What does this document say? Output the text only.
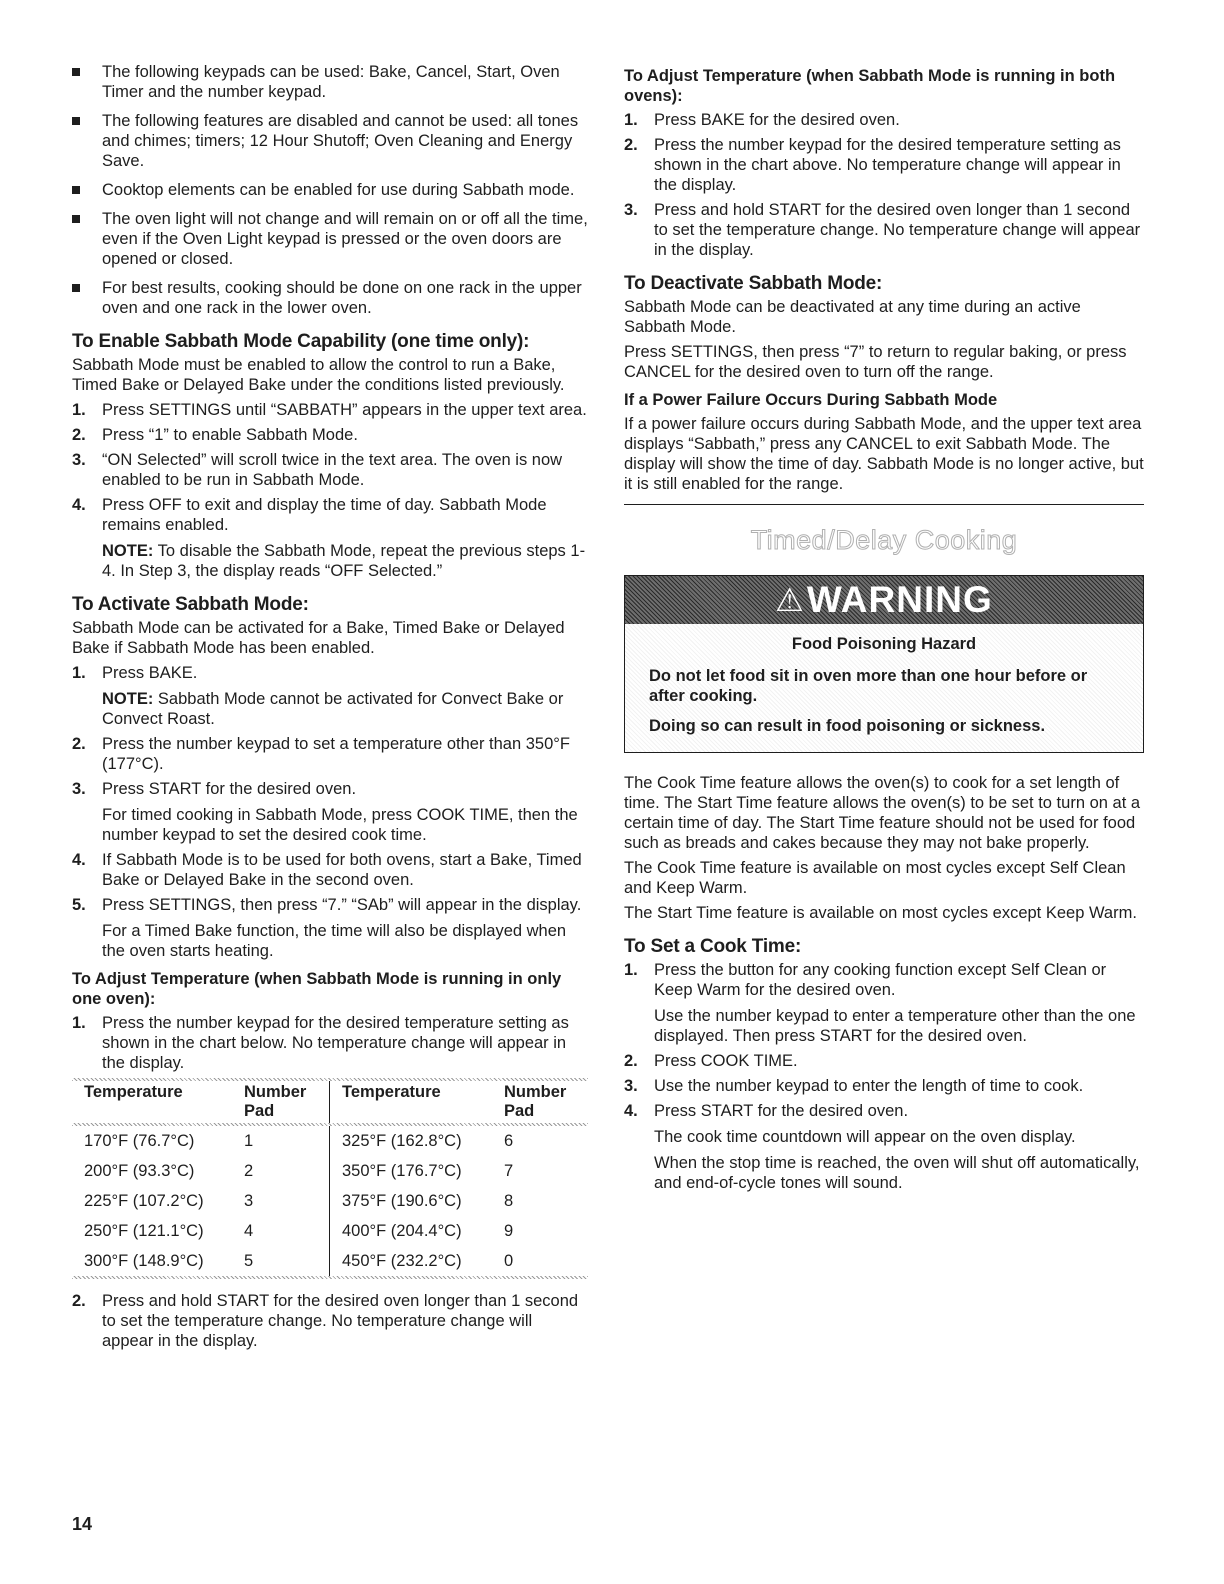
The following keypads can be used: Bake, Cancel, Start, Oven Timer and the number keypad.
The following features are disabled and cannot be used: all tones and chimes; timers; 12 Hour Shutoff; Oven Cleaning and Energy Save.
Cooktop elements can be enabled for use during Sabbath mode.
The oven light will not change and will remain on or off all the time, even if the Oven Light keypad is pressed or the oven doors are opened or closed.
For best results, cooking should be done on one rack in the upper oven and one rack in the lower oven.
To Enable Sabbath Mode Capability (one time only):

Sabbath Mode must be enabled to allow the control to run a Bake, Timed Bake or Delayed Bake under the conditions listed previously.

1. Press SETTINGS until “SABBATH” appears in the upper text area.

2. Press “1” to enable Sabbath Mode.

3. “ON Selected” will scroll twice in the text area. The oven is now enabled to be run in Sabbath Mode.

4. Press OFF to exit and display the time of day. Sabbath Mode remains enabled.

NOTE: To disable the Sabbath Mode, repeat the previous steps 1-4. In Step 3, the display reads “OFF Selected.”

To Activate Sabbath Mode:

Sabbath Mode can be activated for a Bake, Timed Bake or Delayed Bake if Sabbath Mode has been enabled.

1. Press BAKE.

NOTE: Sabbath Mode cannot be activated for Convect Bake or Convect Roast.

2. Press the number keypad to set a temperature other than 350°F (177°C).

3. Press START for the desired oven.

For timed cooking in Sabbath Mode, press COOK TIME, then the number keypad to set the desired cook time.

4. If Sabbath Mode is to be used for both ovens, start a Bake, Timed Bake or Delayed Bake in the second oven.

5. Press SETTINGS, then press “7.” “SAb” will appear in the display.

For a Timed Bake function, the time will also be displayed when the oven starts heating.

To Adjust Temperature (when Sabbath Mode is running in only one oven):
1. Press the number keypad for the desired temperature setting as shown in the chart below. No temperature change will appear in the display.

Temperature	Number Pad	Temperature	Number Pad

170°F (76.7°C)	1	325°F (162.8°C)	6
200°F (93.3°C)	2	350°F (176.7°C)	7
225°F (107.2°C)	3	375°F (190.6°C)	8
250°F (121.1°C)	4	400°F (204.4°C)	9
300°F (148.9°C)	5	450°F (232.2°C)	0
2. Press and hold START for the desired oven longer than 1 second to set the temperature change. No temperature change will appear in the display.

To Adjust Temperature (when Sabbath Mode is running in both ovens):
1. Press BAKE for the desired oven.

2. Press the number keypad for the desired temperature setting as shown in the chart above. No temperature change will appear in the display.

3. Press and hold START for the desired oven longer than 1 second to set the temperature change. No temperature change will appear in the display.

To Deactivate Sabbath Mode:

Sabbath Mode can be deactivated at any time during an active Sabbath Mode.

Press SETTINGS, then press “7” to return to regular baking, or press CANCEL for the desired oven to turn off the range.

If a Power Failure Occurs During Sabbath Mode

If a power failure occurs during Sabbath Mode, and the upper text area displays “Sabbath,” press any CANCEL to exit Sabbath Mode. The display will show the time of day. Sabbath Mode is no longer active, but it is still enabled for the range.

Timed/Delay Cooking
⚠ WARNING
Food Poisoning Hazard

Do not let food sit in oven more than one hour before or after cooking.

Doing so can result in food poisoning or sickness.

The Cook Time feature allows the oven(s) to cook for a set length of time. The Start Time feature allows the oven(s) to be set to turn on at a certain time of day. The Start Time feature should not be used for food such as breads and cakes because they may not bake properly.

The Cook Time feature is available on most cycles except Self Clean and Keep Warm.

The Start Time feature is available on most cycles except Keep Warm.

To Set a Cook Time:
1. Press the button for any cooking function except Self Clean or Keep Warm for the desired oven.

Use the number keypad to enter a temperature other than the one displayed. Then press START for the desired oven.

2. Press COOK TIME.

3. Use the number keypad to enter the length of time to cook.

4. Press START for the desired oven.

The cook time countdown will appear on the oven display.

When the stop time is reached, the oven will shut off automatically, and end-of-cycle tones will sound.

14
